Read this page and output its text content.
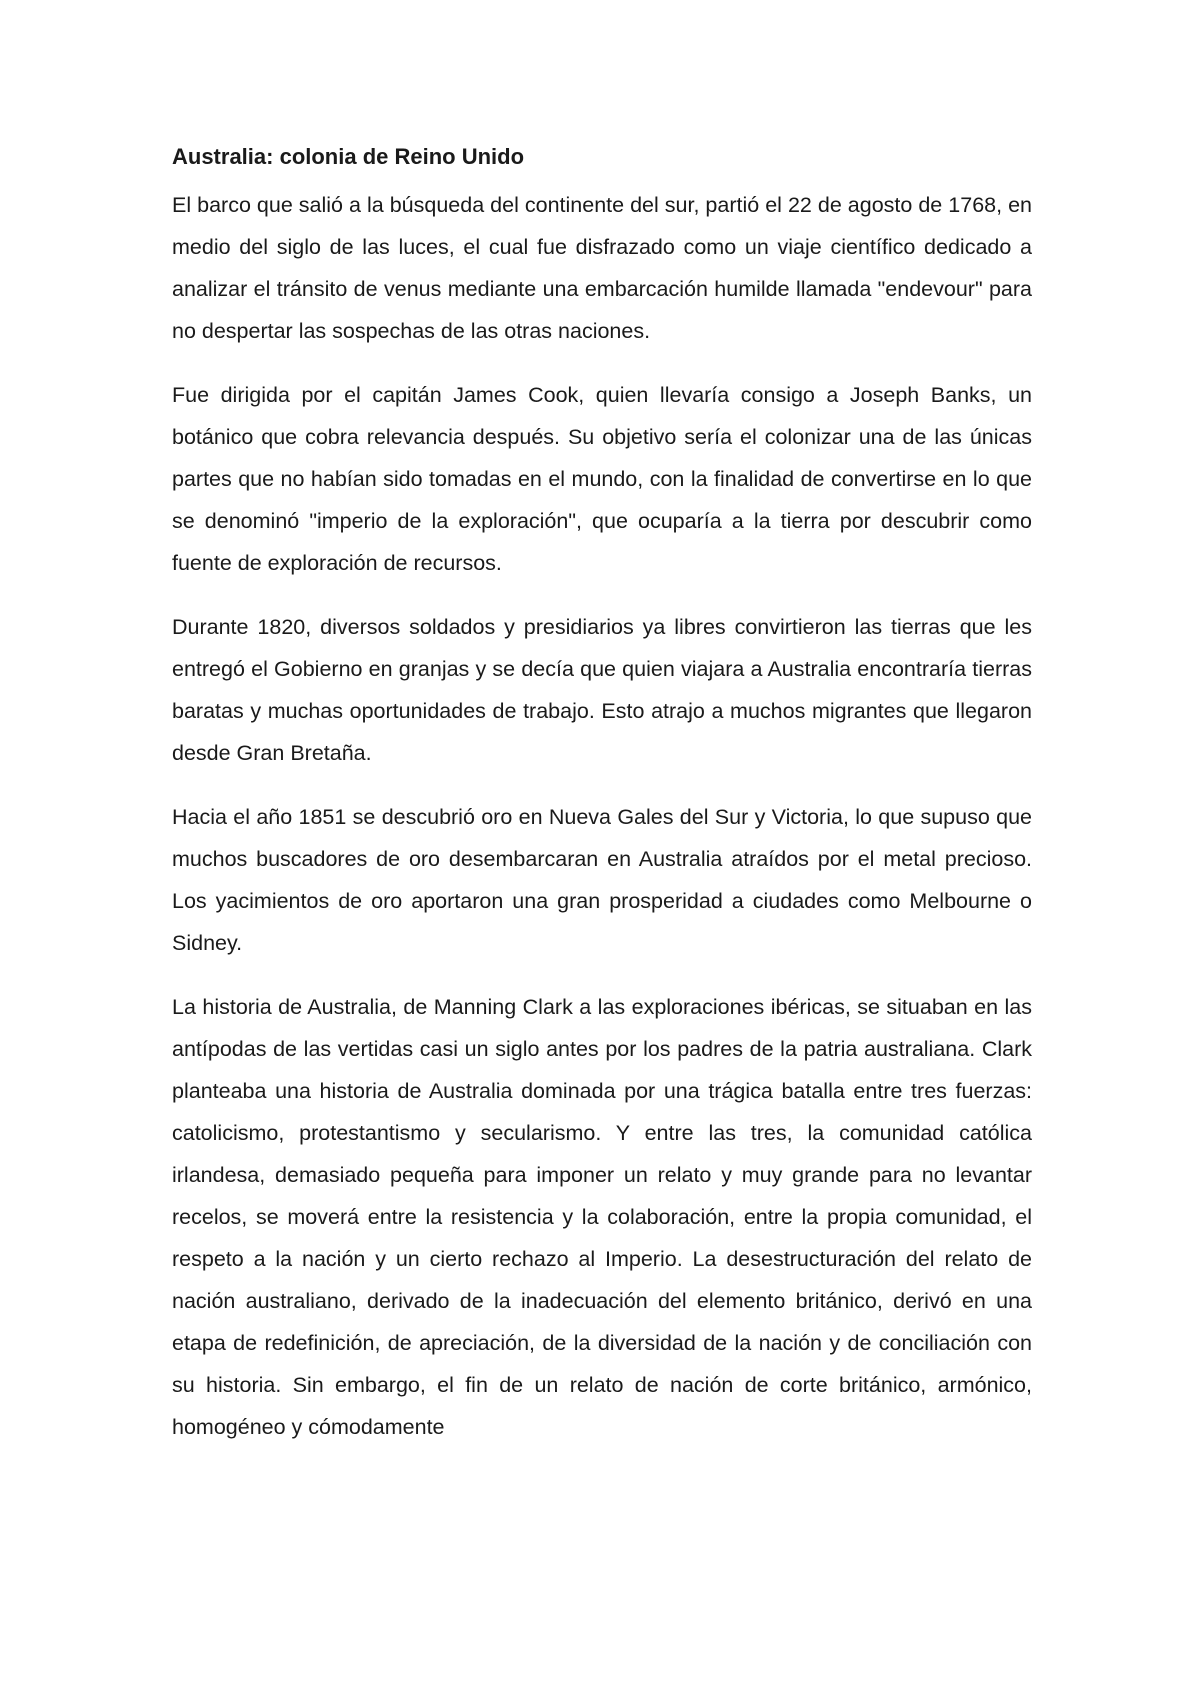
Australia: colonia de Reino Unido

El barco que salió a la búsqueda del continente del sur, partió el 22 de agosto de 1768, en medio del siglo de las luces, el cual fue disfrazado como un viaje científico dedicado a analizar el tránsito de venus mediante una embarcación humilde llamada "endevour" para no despertar las sospechas de las otras naciones.

Fue dirigida por el capitán James Cook, quien llevaría consigo a Joseph Banks, un botánico que cobra relevancia después. Su objetivo sería el colonizar una de las únicas partes que no habían sido tomadas en el mundo, con la finalidad de convertirse en lo que se denominó "imperio de la exploración", que ocuparía a la tierra por descubrir como fuente de exploración de recursos.

Durante 1820, diversos soldados y presidiarios ya libres convirtieron las tierras que les entregó el Gobierno en granjas y se decía que quien viajara a Australia encontraría tierras baratas y muchas oportunidades de trabajo. Esto atrajo a muchos migrantes que llegaron desde Gran Bretaña.

Hacia el año 1851 se descubrió oro en Nueva Gales del Sur y Victoria, lo que supuso que muchos buscadores de oro desembarcaran en Australia atraídos por el metal precioso. Los yacimientos de oro aportaron una gran prosperidad a ciudades como Melbourne o Sidney.

La historia de Australia, de Manning Clark a las exploraciones ibéricas, se situaban en las antípodas de las vertidas casi un siglo antes por los padres de la patria australiana. Clark planteaba una historia de Australia dominada por una trágica batalla entre tres fuerzas: catolicismo, protestantismo y secularismo. Y entre las tres, la comunidad católica irlandesa, demasiado pequeña para imponer un relato y muy grande para no levantar recelos, se moverá entre la resistencia y la colaboración, entre la propia comunidad, el respeto a la nación y un cierto rechazo al Imperio. La desestructuración del relato de nación australiano, derivado de la inadecuación del elemento británico, derivó en una etapa de redefinición, de apreciación, de la diversidad de la nación y de conciliación con su historia. Sin embargo, el fin de un relato de nación de corte británico, armónico, homogéneo y cómodamente
